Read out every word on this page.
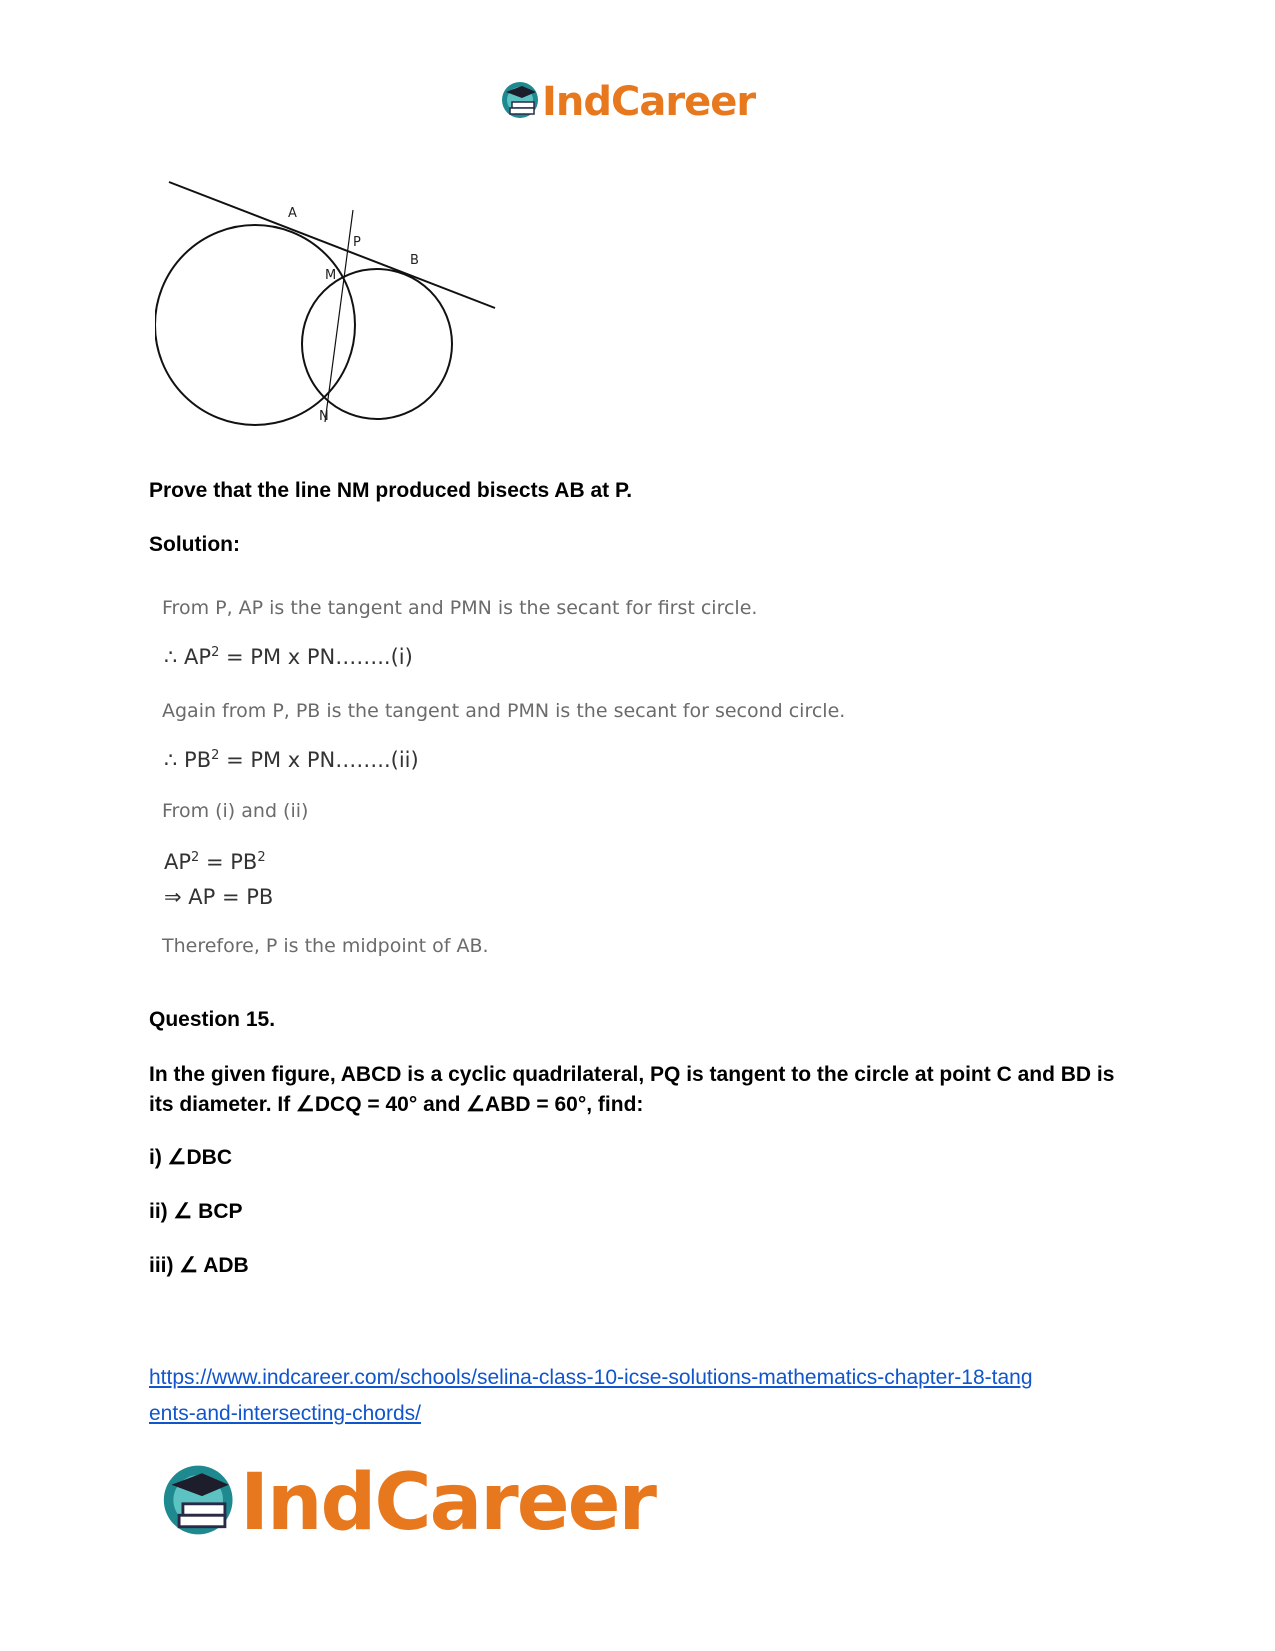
IndCareer
A
P
B
M
N
Prove that the line NM produced bisects AB at P.
Solution:
From P, AP is the tangent and PMN is the secant for first circle.
∴ $AP^2$ = PM x PN……..(i)
Again from P, PB is the tangent and PMN is the secant for second circle.
∴ $PB^2$ = PM x PN……..(ii)
From (i) and (ii)
$AP^2 = PB^2$
⇒ AP = PB
Therefore, P is the midpoint of AB.
Question 15.
In the given figure, ABCD is a cyclic quadrilateral, PQ is tangent to the circle at point C and BD is its diameter. If ∠DCQ = 40° and ∠ABD = 60°, find:
i) ∠DBC
ii) ∠ BCP
iii) ∠ ADB
https://www.indcareer.com/schools/selina-class-10-icse-solutions-mathematics-chapter-18-tang
ents-and-intersecting-chords/
IndCareer
